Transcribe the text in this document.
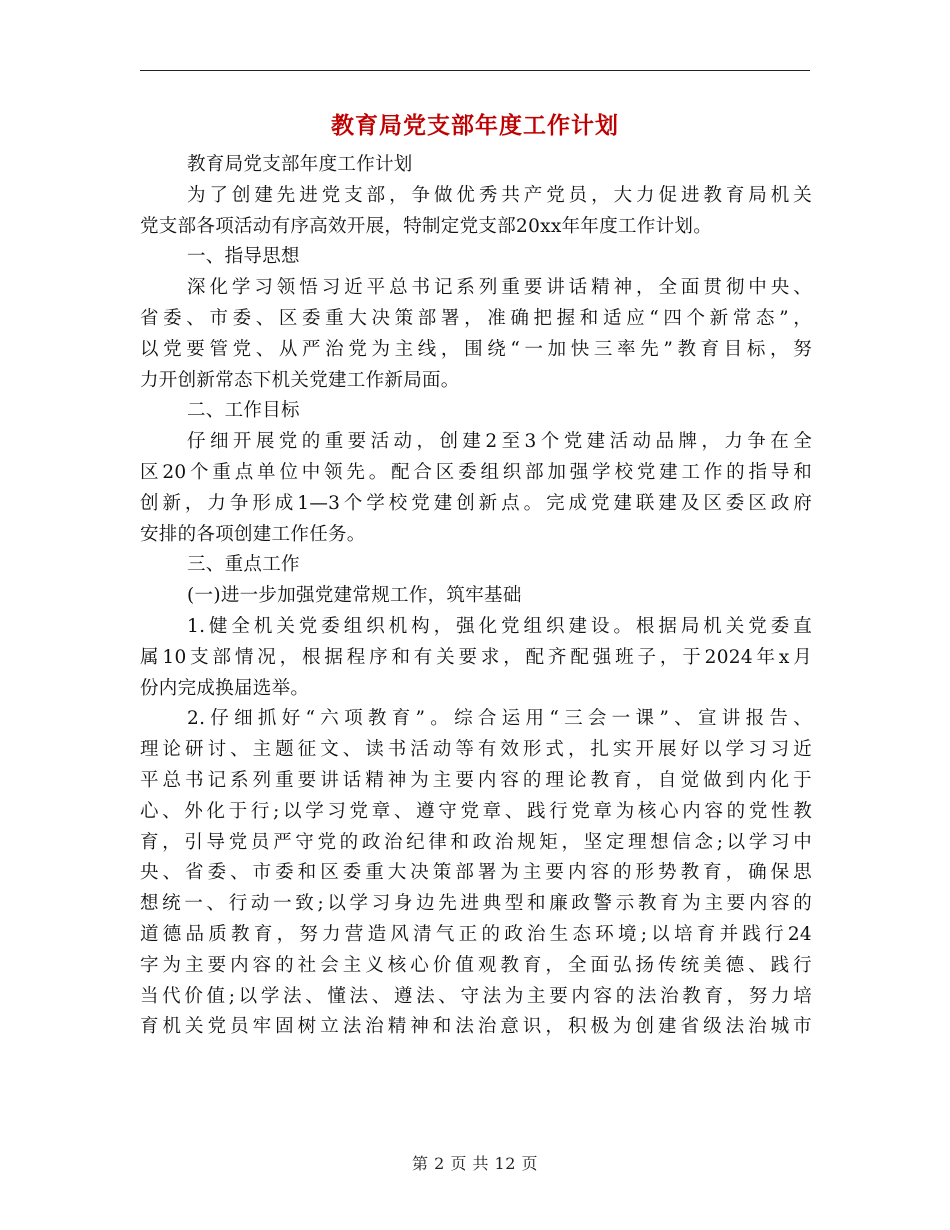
教育局党支部年度工作计划
教育局党支部年度工作计划
为了创建先进党支部，争做优秀共产党员，大力促进教育局机关
党支部各项活动有序高效开展，特制定党支部20xx年年度工作计划。
一、指导思想
深化学习领悟习近平总书记系列重要讲话精神，全面贯彻中央、
省委、市委、区委重大决策部署，准确把握和适应“四个新常态”，
以党要管党、从严治党为主线，围绕“一加快三率先”教育目标，努
力开创新常态下机关党建工作新局面。
二、工作目标
仔细开展党的重要活动，创建2至3个党建活动品牌，力争在全
区20个重点单位中领先。配合区委组织部加强学校党建工作的指导和
创新，力争形成1—3个学校党建创新点。完成党建联建及区委区政府
安排的各项创建工作任务。
三、重点工作
(一)进一步加强党建常规工作，筑牢基础
1.健全机关党委组织机构，强化党组织建设。根据局机关党委直
属10支部情况，根据程序和有关要求，配齐配强班子，于2024年x月
份内完成换届选举。
2.仔细抓好“六项教育”。综合运用“三会一课”、宣讲报告、
理论研讨、主题征文、读书活动等有效形式，扎实开展好以学习习近
平总书记系列重要讲话精神为主要内容的理论教育，自觉做到内化于
心、外化于行;以学习党章、遵守党章、践行党章为核心内容的党性教
育，引导党员严守党的政治纪律和政治规矩，坚定理想信念;以学习中
央、省委、市委和区委重大决策部署为主要内容的形势教育，确保思
想统一、行动一致;以学习身边先进典型和廉政警示教育为主要内容的
道德品质教育，努力营造风清气正的政治生态环境;以培育并践行24
字为主要内容的社会主义核心价值观教育，全面弘扬传统美德、践行
当代价值;以学法、懂法、遵法、守法为主要内容的法治教育，努力培
育机关党员牢固树立法治精神和法治意识，积极为创建省级法治城市
第 2 页 共 12 页
